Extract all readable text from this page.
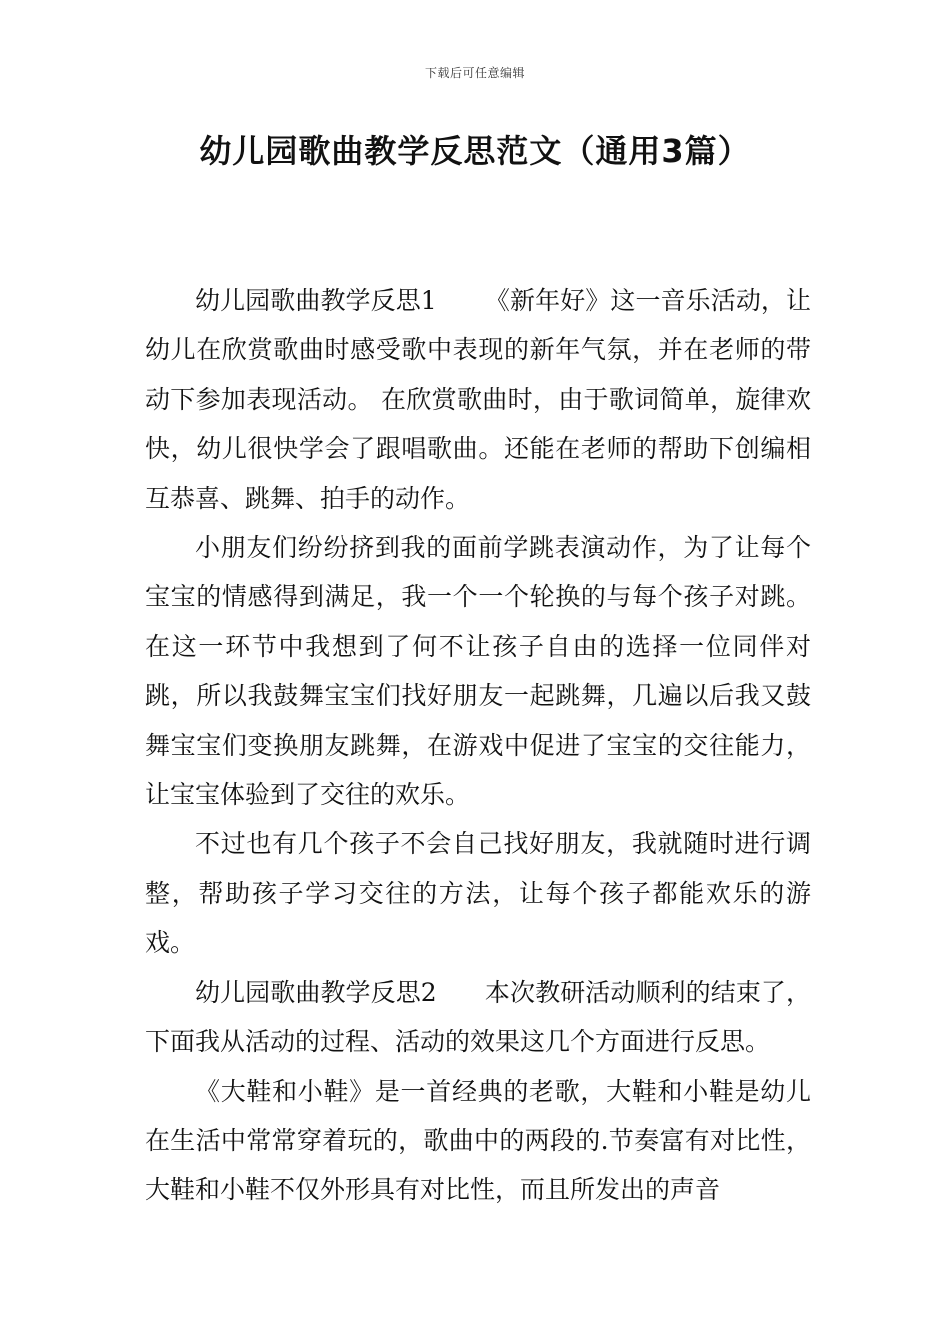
下载后可任意编辑
幼儿园歌曲教学反思范文（通用3篇）

幼儿园歌曲教学反思1      《新年好》这一音乐活动，让幼儿在欣赏歌曲时感受歌中表现的新年气氛，并在老师的带动下参加表现活动。 在欣赏歌曲时，由于歌词简单，旋律欢快，幼儿很快学会了跟唱歌曲。还能在老师的帮助下创编相互恭喜、跳舞、拍手的动作。

小朋友们纷纷挤到我的面前学跳表演动作，为了让每个宝宝的情感得到满足，我一个一个轮换的与每个孩子对跳。在这一环节中我想到了何不让孩子自由的选择一位同伴对跳，所以我鼓舞宝宝们找好朋友一起跳舞，几遍以后我又鼓舞宝宝们变换朋友跳舞，在游戏中促进了宝宝的交往能力，让宝宝体验到了交往的欢乐。

不过也有几个孩子不会自己找好朋友，我就随时进行调整，帮助孩子学习交往的方法，让每个孩子都能欢乐的游戏。

幼儿园歌曲教学反思2      本次教研活动顺利的结束了，下面我从活动的过程、活动的效果这几个方面进行反思。

《大鞋和小鞋》是一首经典的老歌，大鞋和小鞋是幼儿在生活中常常穿着玩的，歌曲中的两段的.节奏富有对比性，大鞋和小鞋不仅外形具有对比性，而且所发出的声音
